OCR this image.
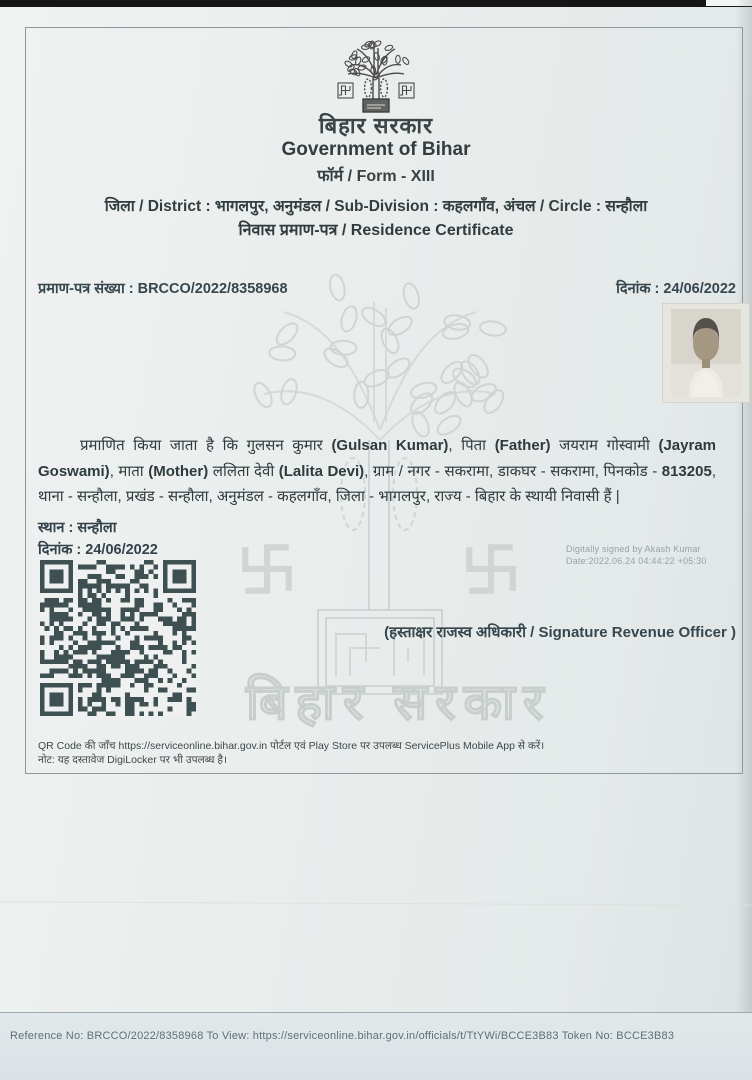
बिहार सरकार
बिहार सरकार
Government of Bihar
फॉर्म / Form - XIII
जिला / District : भागलपुर, अनुमंडल / Sub-Division : कहलगाँव, अंचल / Circle : सन्हौला
निवास प्रमाण-पत्र / Residence Certificate
प्रमाण-पत्र संख्या : BRCCO/2022/8358968	दिनांक : 24/06/2022

प्रमाणित किया जाता है कि गुलसन कुमार (Gulsan Kumar), पिता (Father) जयराम गोस्वामी (Jayram Goswami), माता (Mother) ललिता देवी (Lalita Devi), ग्राम / नगर - सकरामा, डाकघर - सकरामा, पिनकोड - 813205, थाना - सन्हौला, प्रखंड - सन्हौला, अनुमंडल - कहलगाँव, जिला - भागलपुर, राज्य - बिहार के स्थायी निवासी हैं |

स्थान : सन्हौला
दिनांक : 24/06/2022	Digitally signed by Akash Kumar
Date:2022.06.24 04:44:22 +05:30
(हस्ताक्षर राजस्व अधिकारी / Signature Revenue Officer )
QR Code की जाँच https://serviceonline.bihar.gov.in पोर्टल एवं Play Store पर उपलब्ध ServicePlus Mobile App से करें।
नोट: यह दस्तावेज DigiLocker पर भी उपलब्ध है।
Reference No: BRCCO/2022/8358968 To View: https://serviceonline.bihar.gov.in/officials/t/TtYWi/BCCE3B83 Token No: BCCE3B83
